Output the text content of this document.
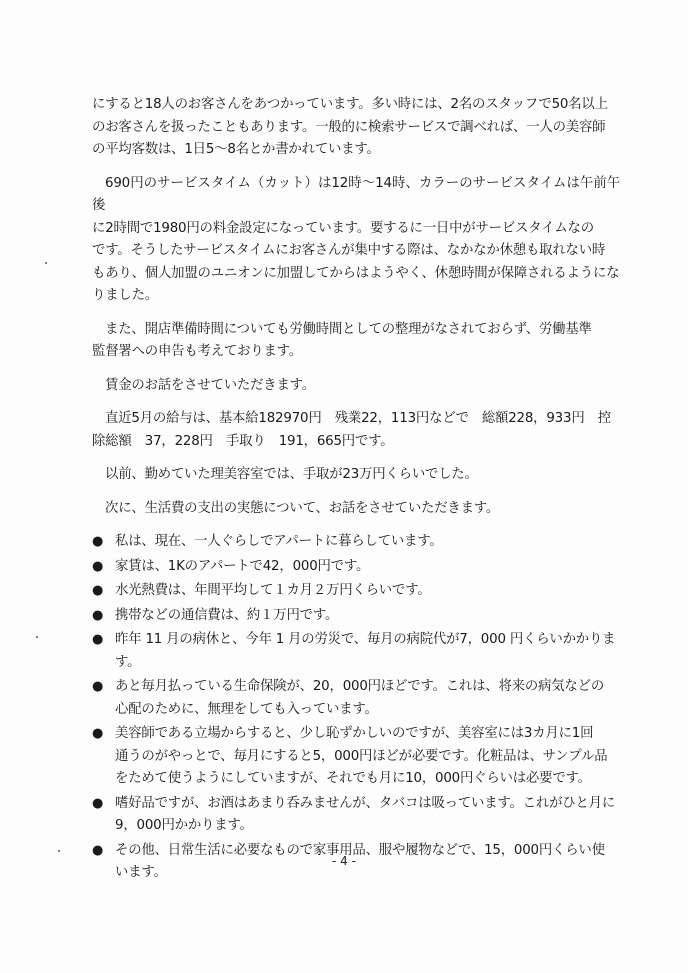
にすると18人のお客さんをあつかっています。多い時には、2名のスタッフで50名以上
のお客さんを扱ったこともあります。一般的に検索サービスで調べれば、一人の美容師
の平均客数は、1日5～8名とか書かれています。

690円のサービスタイム（カット）は12時～14時、カラーのサービスタイムは午前午後
に2時間で1980円の料金設定になっています。要するに一日中がサービスタイムなの
です。そうしたサービスタイムにお客さんが集中する際は、なかなか休憩も取れない時
もあり、個人加盟のユニオンに加盟してからはようやく、休憩時間が保障されるようにな
りました。

また、開店準備時間についても労働時間としての整理がなされておらず、労働基準
監督署への申告も考えております。

賃金のお話をさせていただきます。

直近5月の給与は、基本給182970円　残業22，113円などで　総額228，933円　控
除総額　37，228円　手取り　191，665円です。

以前、勤めていた理美容室では、手取が23万円くらいでした。

次に、生活費の支出の実態について、お話をさせていただきます。

● 私は、現在、一人ぐらしでアパートに暮らしています。
● 家賃は、1Kのアパートで42，000円です。
● 水光熱費は、年間平均して１カ月２万円くらいです。
● 携帯などの通信費は、約１万円です。
● 昨年 11 月の病休と、今年 1 月の労災で、毎月の病院代が7，000 円くらいかかりま
す。
● あと毎月払っている生命保険が、20，000円ほどです。これは、将来の病気などの
心配のために、無理をしても入っています。
● 美容師である立場からすると、少し恥ずかしいのですが、美容室には3カ月に1回
通うのがやっとで、毎月にすると5，000円ほどが必要です。化粧品は、サンプル品
をためて使うようにしていますが、それでも月に10，000円ぐらいは必要です。
● 嗜好品ですが、お酒はあまり呑みませんが、タバコは吸っています。これがひと月に
9，000円かかります。
● その他、日常生活に必要なもので家事用品、服や履物などで、15，000円くらい使
います。
- 4 -
